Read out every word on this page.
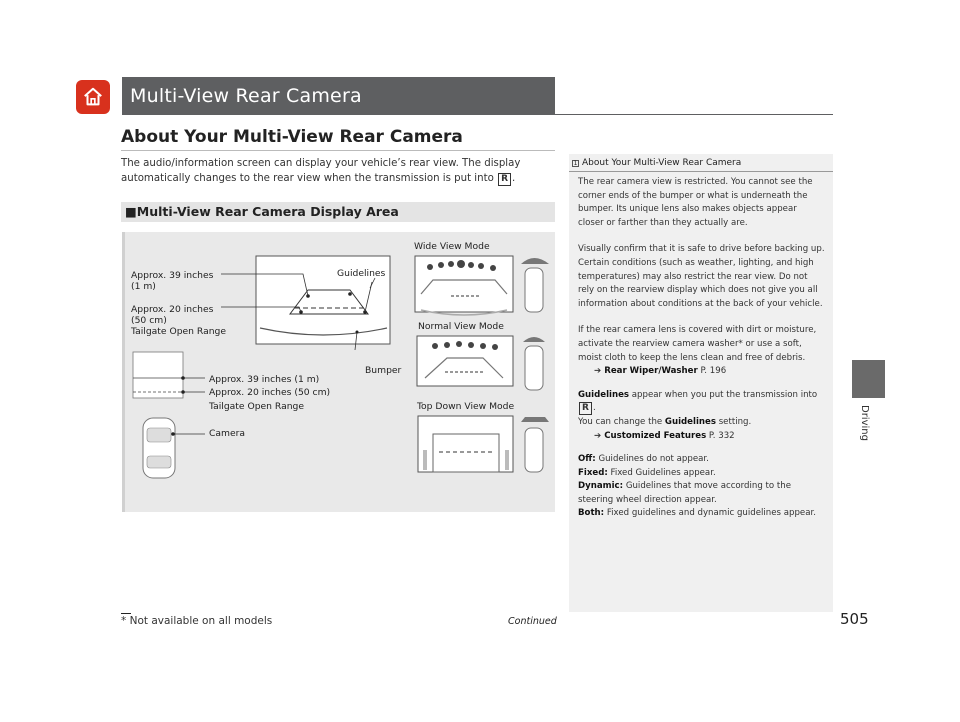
Multi-View Rear Camera
About Your Multi-View Rear Camera
The audio/information screen can display your vehicle’s rear view. The display automatically changes to the rear view when the transmission is put into R .
■Multi-View Rear Camera Display Area
Wide View Mode
Normal View Mode
Top Down View Mode
Guidelines
Bumper
Approx. 39 inches
(1 m)
Approx. 20 inches
(50 cm)
Tailgate Open Range
Approx. 39 inches (1 m)
Approx. 20 inches (50 cm)
Tailgate Open Range
Camera
1 About Your Multi-View Rear Camera

The rear camera view is restricted. You cannot see the corner ends of the bumper or what is underneath the bumper. Its unique lens also makes objects appear closer or farther than they actually are.

Visually confirm that it is safe to drive before backing up. Certain conditions (such as weather, lighting, and high temperatures) may also restrict the rear view. Do not rely on the rearview display which does not give you all information about conditions at the back of your vehicle.

If the rear camera lens is covered with dirt or moisture, activate the rearview camera washer* or use a soft, moist cloth to keep the lens clean and free of debris.
➔ Rear Wiper/Washer P. 196

Guidelines appear when you put the transmission into R .
You can change the Guidelines setting.
➔ Customized Features P. 332

Off: Guidelines do not appear.
Fixed: Fixed Guidelines appear.
Dynamic: Guidelines that move according to the steering wheel direction appear.
Both: Fixed guidelines and dynamic guidelines appear.
Driving
* Not available on all models	Continued	505
